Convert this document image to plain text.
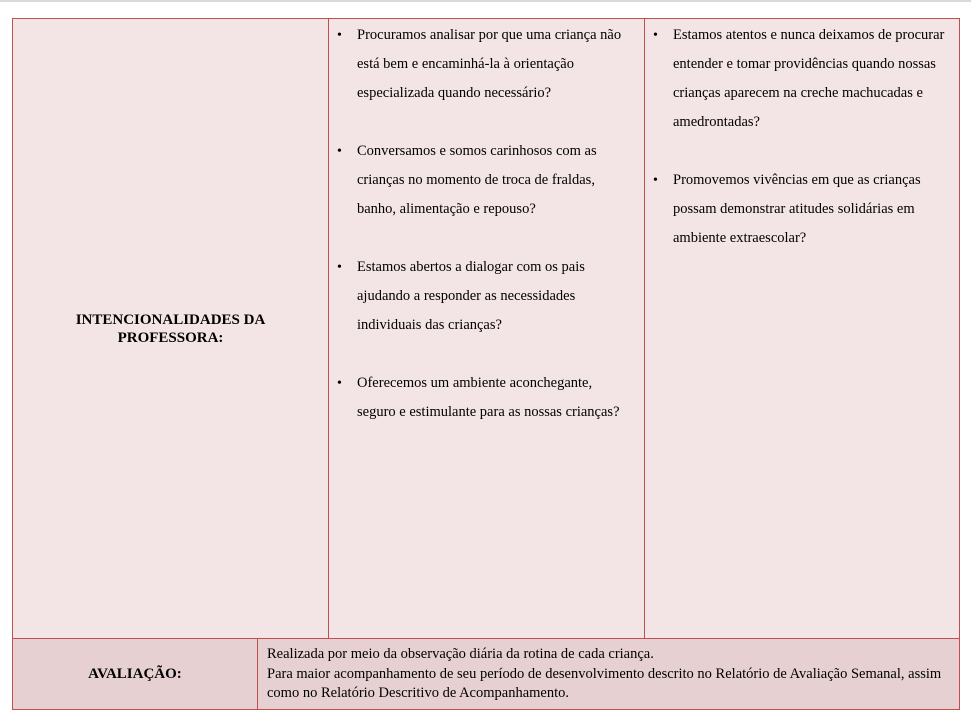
INTENCIONALIDADES DA
PROFESSORA:
• Procuramos analisar por que uma criança não está bem e encaminhá-la à orientação especializada quando necessário?
• Conversamos e somos carinhosos com as crianças no momento de troca de fraldas, banho, alimentação e repouso?
• Estamos abertos a dialogar com os pais ajudando a responder as necessidades individuais das crianças?
• Oferecemos um ambiente aconchegante, seguro e estimulante para as nossas crianças?
• Estamos atentos e nunca deixamos de procurar entender e tomar providências quando nossas crianças aparecem na creche machucadas e amedrontadas?
• Promovemos vivências em que as crianças possam demonstrar atitudes solidárias em ambiente extraescolar?
AVALIAÇÃO:
Realizada por meio da observação diária da rotina de cada criança.
Para maior acompanhamento de seu período de desenvolvimento descrito no Relatório de Avaliação Semanal, assim como no Relatório Descritivo de Acompanhamento.
